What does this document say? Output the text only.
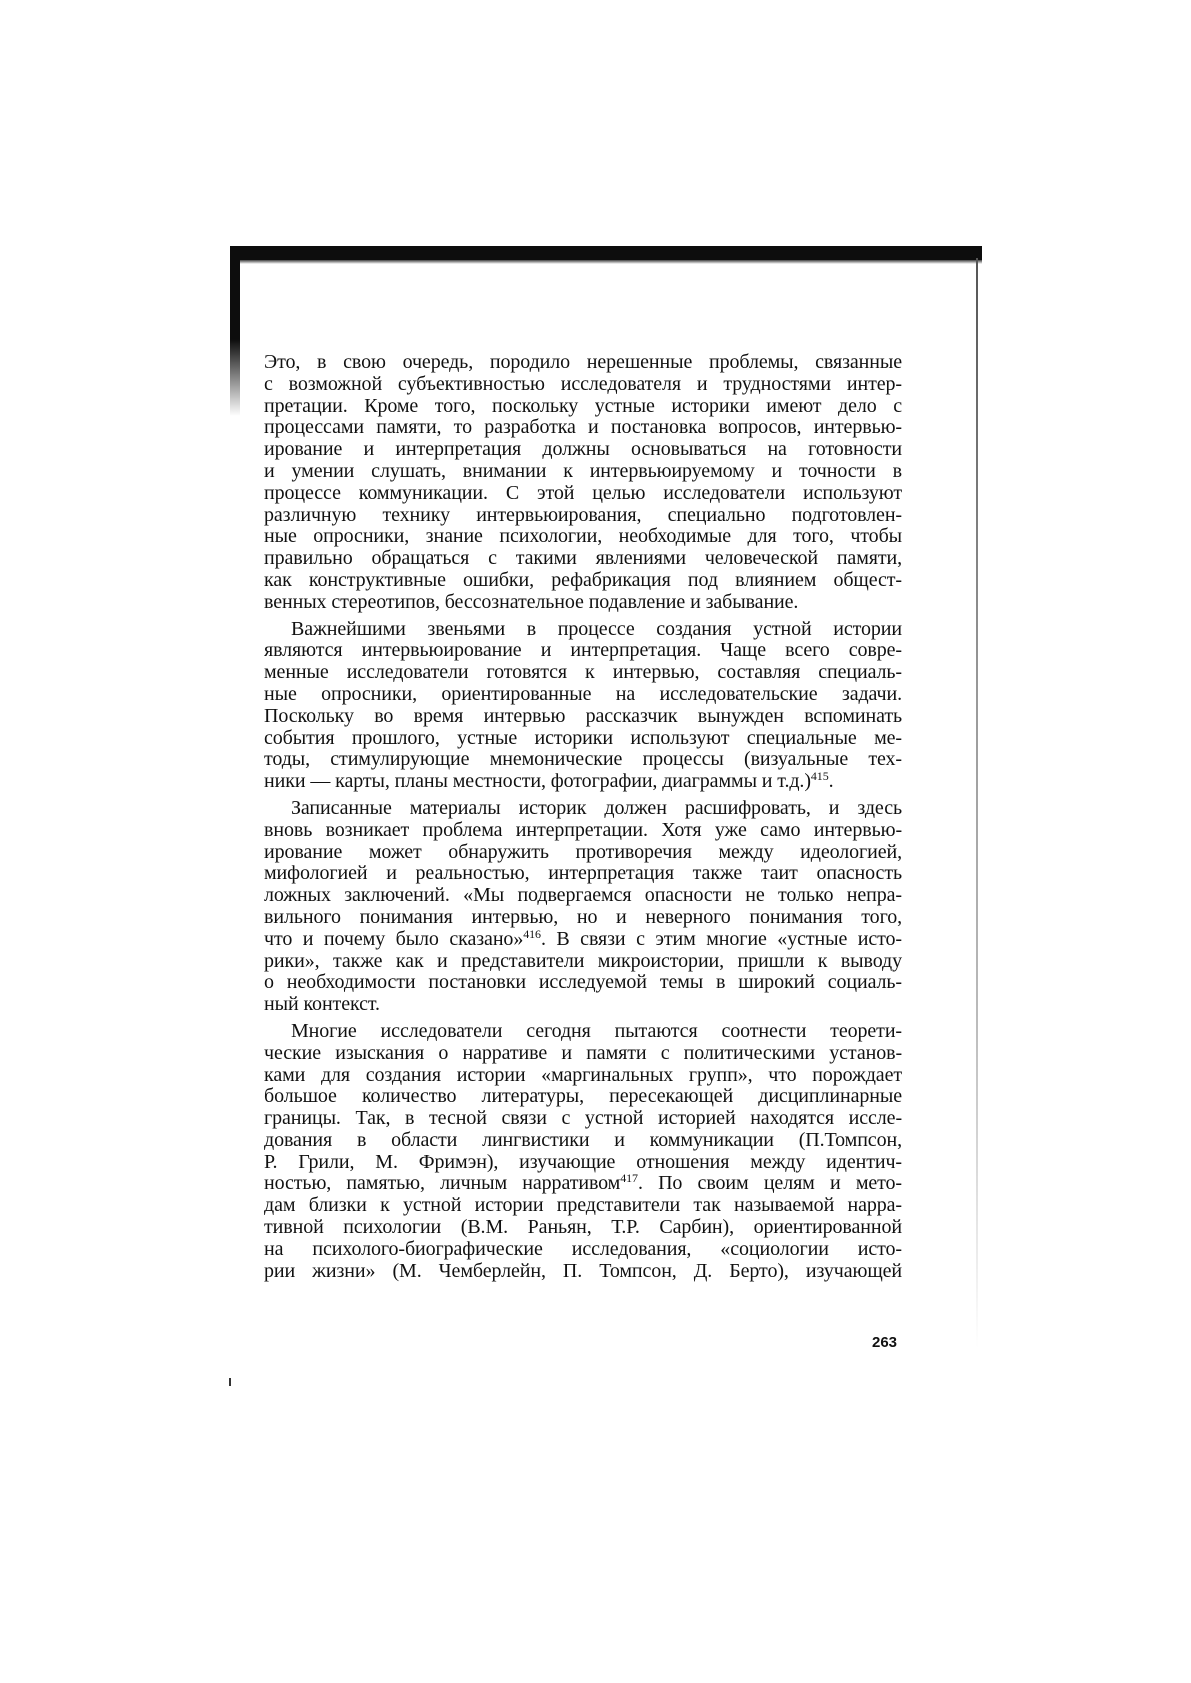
Это, в свою очередь, породило нерешенные проблемы, связанные
с возможной субъективностью исследователя и трудностями интер-
претации. Кроме того, поскольку устные историки имеют дело с
процессами памяти, то разработка и постановка вопросов, интервью-
ирование и интерпретация должны основываться на готовности
и умении слушать, внимании к интервьюируемому и точности в
процессе коммуникации. С этой целью исследователи используют
различную технику интервьюирования, специально подготовлен-
ные опросники, знание психологии, необходимые для того, чтобы
правильно обращаться с такими явлениями человеческой памяти,
как конструктивные ошибки, рефабрикация под влиянием общест-
венных стереотипов, бессознательное подавление и забывание.

Важнейшими звеньями в процессе создания устной истории
являются интервьюирование и интерпретация. Чаще всего совре-
менные исследователи готовятся к интервью, составляя специаль-
ные опросники, ориентированные на исследовательские задачи.
Поскольку во время интервью рассказчик вынужден вспоминать
события прошлого, устные историки используют специальные ме-
тоды, стимулирующие мнемонические процессы (визуальные тех-
ники — карты, планы местности, фотографии, диаграммы и т.д.)$^{415}$.

Записанные материалы историк должен расшифровать, и здесь
вновь возникает проблема интерпретации. Хотя уже само интервью-
ирование может обнаружить противоречия между идеологией,
мифологией и реальностью, интерпретация также таит опасность
ложных заключений. «Мы подвергаемся опасности не только непра-
вильного понимания интервью, но и неверного понимания того,
что и почему было сказано»$^{416}$. В связи с этим многие «устные исто-
рики», также как и представители микроистории, пришли к выводу
о необходимости постановки исследуемой темы в широкий социаль-
ный контекст.

Многие исследователи сегодня пытаются соотнести теорети-
ческие изыскания о нарративе и памяти с политическими установ-
ками для создания истории «маргинальных групп», что порождает
большое количество литературы, пересекающей дисциплинарные
границы. Так, в тесной связи с устной историей находятся иссле-
дования в области лингвистики и коммуникации (П.Томпсон,
Р. Грили, М. Фримэн), изучающие отношения между идентич-
ностью, памятью, личным нарративом$^{417}$. По своим целям и мето-
дам близки к устной истории представители так называемой нарра-
тивной психологии (В.М. Раньян, Т.Р. Сарбин), ориентированной
на психолого-биографические исследования, «социологии исто-
рии жизни» (М. Чемберлейн, П. Томпсон, Д. Берто), изучающей

263
